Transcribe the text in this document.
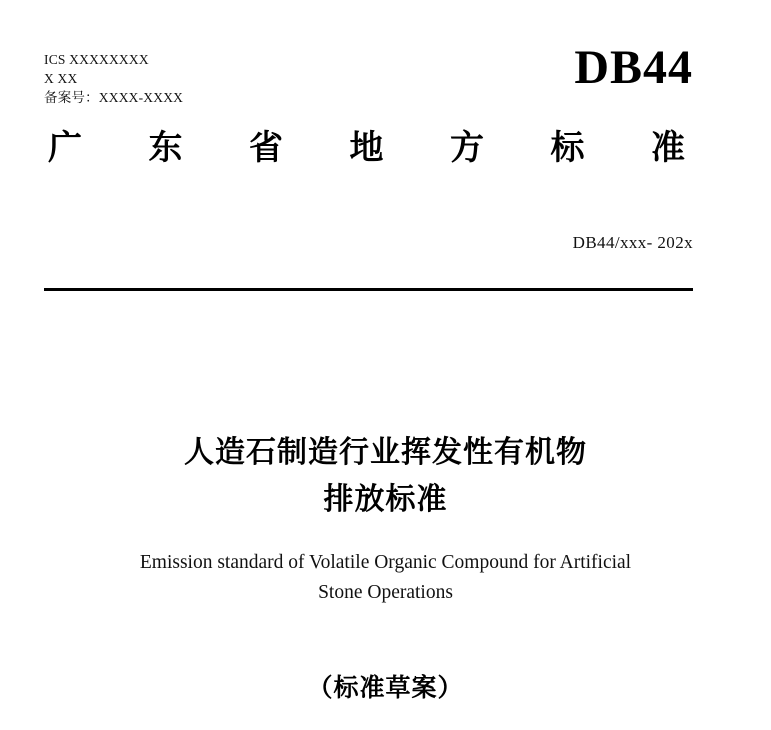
ICS XXXXXXXX
X XX
备案号：XXXX-XXXX
DB44
广 东 省 地 方 标 准
DB44/xxx- 202x
人造石制造行业挥发性有机物
排放标准
Emission standard of Volatile Organic Compound for Artificial
Stone Operations
（标准草案）
